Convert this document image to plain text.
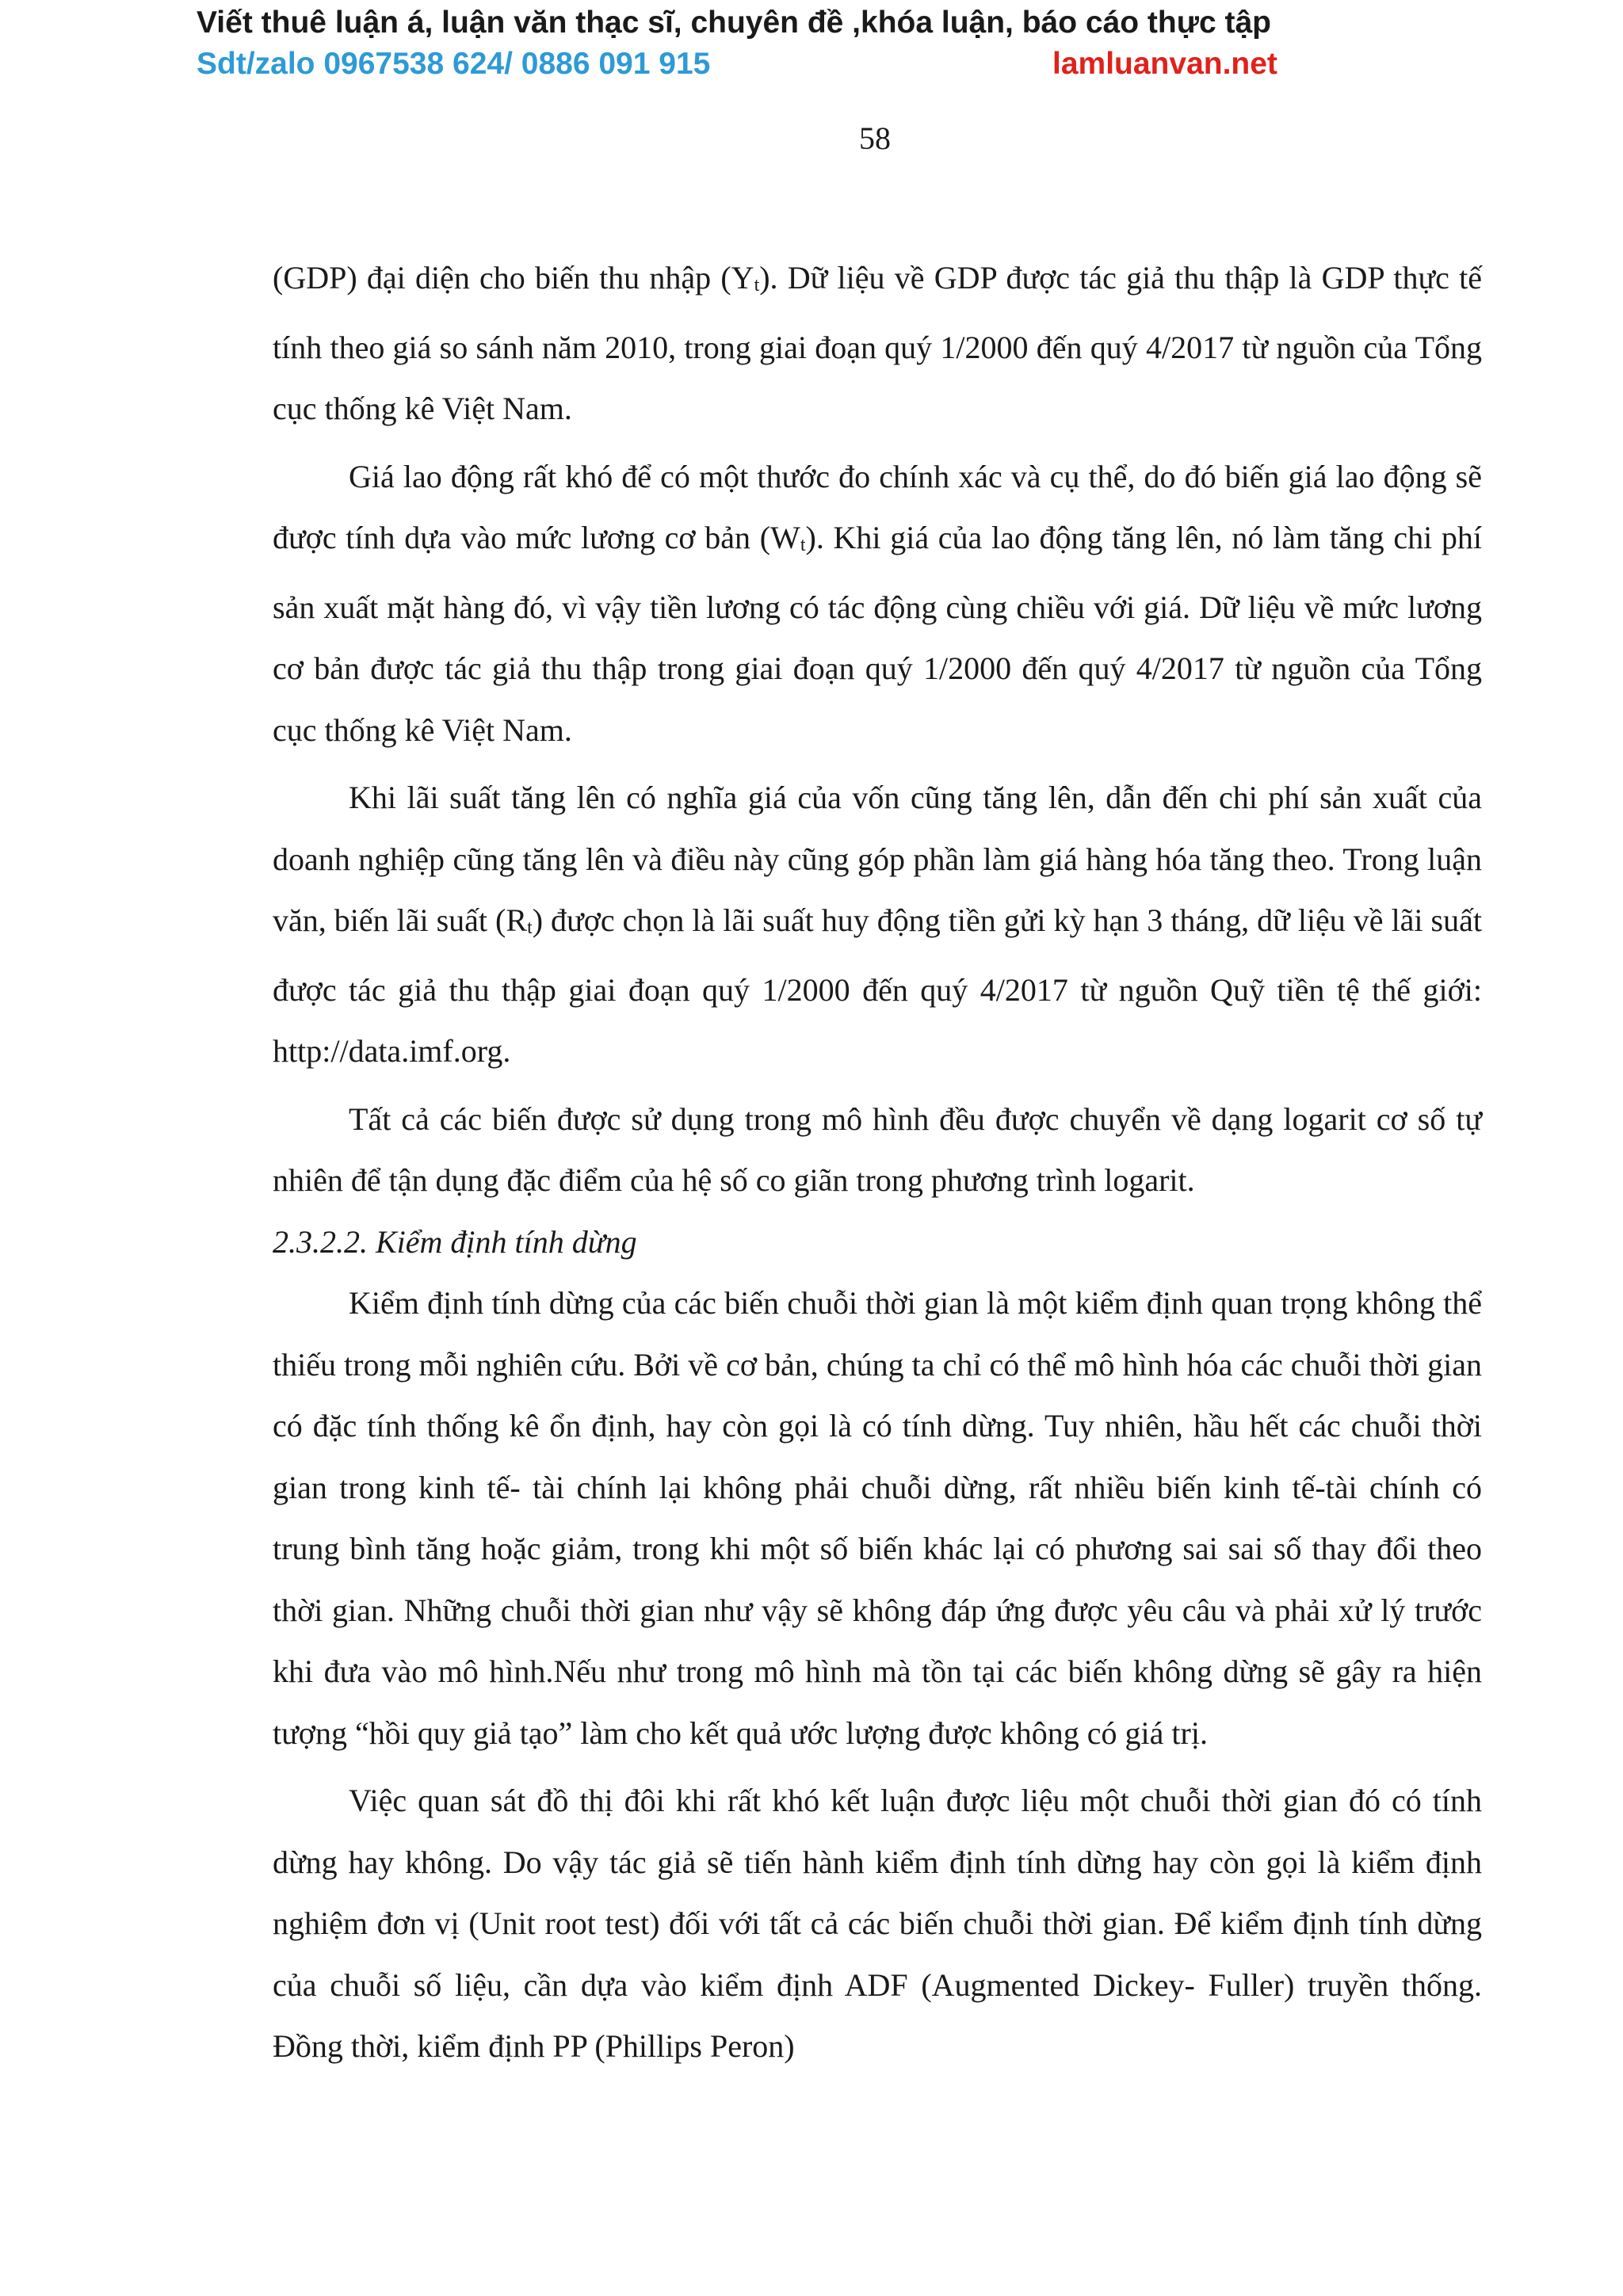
Viết thuê luận á, luận văn thạc sĩ, chuyên đề ,khóa luận, báo cáo thực tập
Sdt/zalo 0967538 624/ 0886 091 915	lamluanvan.net
58

(GDP) đại diện cho biến thu nhập (Yt). Dữ liệu về GDP được tác giả thu thập là GDP thực tế tính theo giá so sánh năm 2010, trong giai đoạn quý 1/2000 đến quý 4/2017 từ nguồn của Tổng cục thống kê Việt Nam.

Giá lao động rất khó để có một thước đo chính xác và cụ thể, do đó biến giá lao động sẽ được tính dựa vào mức lương cơ bản (Wt). Khi giá của lao động tăng lên, nó làm tăng chi phí sản xuất mặt hàng đó, vì vậy tiền lương có tác động cùng chiều với giá. Dữ liệu về mức lương cơ bản được tác giả thu thập trong giai đoạn quý 1/2000 đến quý 4/2017 từ nguồn của Tổng cục thống kê Việt Nam.

Khi lãi suất tăng lên có nghĩa giá của vốn cũng tăng lên, dẫn đến chi phí sản xuất của doanh nghiệp cũng tăng lên và điều này cũng góp phần làm giá hàng hóa tăng theo. Trong luận văn, biến lãi suất (Rt) được chọn là lãi suất huy động tiền gửi kỳ hạn 3 tháng, dữ liệu về lãi suất được tác giả thu thập giai đoạn quý 1/2000 đến quý 4/2017 từ nguồn Quỹ tiền tệ thế giới: http://data.imf.org.

Tất cả các biến được sử dụng trong mô hình đều được chuyển về dạng logarit cơ số tự nhiên để tận dụng đặc điểm của hệ số co giãn trong phương trình logarit.

2.3.2.2. Kiểm định tính dừng

Kiểm định tính dừng của các biến chuỗi thời gian là một kiểm định quan trọng không thể thiếu trong mỗi nghiên cứu. Bởi về cơ bản, chúng ta chỉ có thể mô hình hóa các chuỗi thời gian có đặc tính thống kê ổn định, hay còn gọi là có tính dừng. Tuy nhiên, hầu hết các chuỗi thời gian trong kinh tế- tài chính lại không phải chuỗi dừng, rất nhiều biến kinh tế-tài chính có trung bình tăng hoặc giảm, trong khi một số biến khác lại có phương sai sai số thay đổi theo thời gian. Những chuỗi thời gian như vậy sẽ không đáp ứng được yêu câu và phải xử lý trước khi đưa vào mô hình.Nếu như trong mô hình mà tồn tại các biến không dừng sẽ gây ra hiện tượng “hồi quy giả tạo” làm cho kết quả ước lượng được không có giá trị.

Việc quan sát đồ thị đôi khi rất khó kết luận được liệu một chuỗi thời gian đó có tính dừng hay không. Do vậy tác giả sẽ tiến hành kiểm định tính dừng hay còn gọi là kiểm định nghiệm đơn vị (Unit root test) đối với tất cả các biến chuỗi thời gian. Để kiểm định tính dừng của chuỗi số liệu, cần dựa vào kiểm định ADF (Augmented Dickey- Fuller) truyền thống. Đồng thời, kiểm định PP (Phillips Peron)
